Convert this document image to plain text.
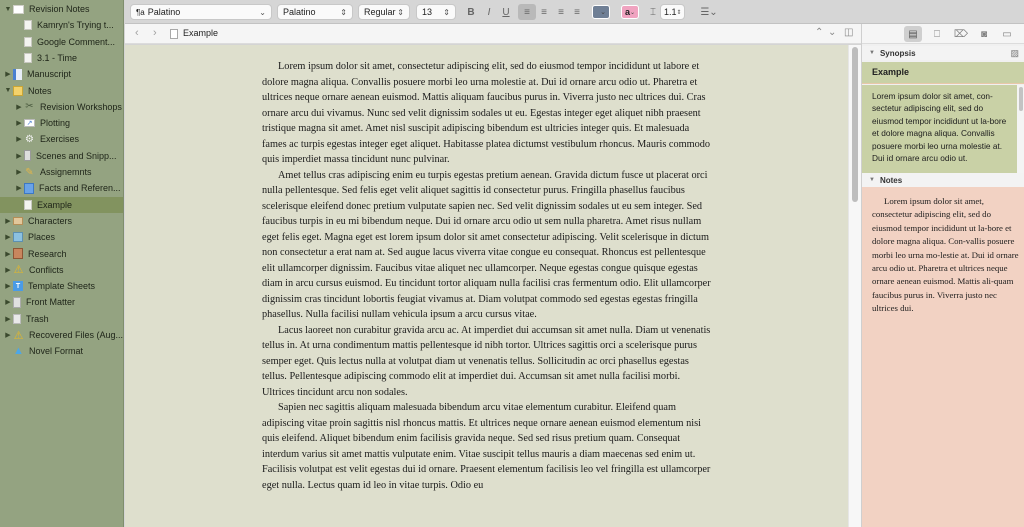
▼ Revision Notes
Kamryn's Trying t...
Google Comment...
3.1 - Time
▶ Manuscript
▼ Notes
▶ ✂ Revision Workshops
▶ ↗ Plotting
▶ ⚙ Exercises
▶ Scenes and Snipp...
▶ ✎ Assignemnts
▶ Facts and Referen...
Example
▶ Characters
▶ Places
▶ Research
▶ ⚠ Conflicts
▶ T Template Sheets
▶ Front Matter
▶ Trash
▶ ⚠ Recovered Files (Aug...
▲ Novel Format
¶a Palatino	⌄ Palatino	⇕ Regular ⇕ 13 ⇕	B	I	U	≡	≡	≡	≡	⌄ a ⌄	⌶ 1.1 ⇕	☰⌄
‹ ›	Example	⌃ ⌄ ◫

Lorem ipsum dolor sit amet, consectetur adipiscing elit, sed do eiusmod tempor incididunt ut labore et dolore magna aliqua. Convallis posuere morbi leo urna molestie at. Dui id ornare arcu odio ut. Pharetra et ultrices neque ornare aenean euismod. Mattis aliquam faucibus purus in. Viverra justo nec ultrices dui. Cras ornare arcu dui vivamus. Nunc sed velit dignissim sodales ut eu. Egestas integer eget aliquet nibh praesent tristique magna sit amet. Amet nisl suscipit adipiscing bibendum est ultricies integer quis. Et malesuada fames ac turpis egestas integer eget aliquet. Habitasse platea dictumst vestibulum rhoncus. Mauris commodo quis imperdiet massa tincidunt nunc pulvinar.

Amet tellus cras adipiscing enim eu turpis egestas pretium aenean. Gravida dictum fusce ut placerat orci nulla pellentesque. Sed felis eget velit aliquet sagittis id consectetur purus. Fringilla phasellus faucibus scelerisque eleifend donec pretium vulputate sapien nec. Sed velit dignissim sodales ut eu sem integer. Sed faucibus turpis in eu mi bibendum neque. Dui id ornare arcu odio ut sem nulla pharetra. Amet risus nullam eget felis eget. Magna eget est lorem ipsum dolor sit amet consectetur adipiscing. Velit scelerisque in dictum non consectetur a erat nam at. Sed augue lacus viverra vitae congue eu consequat. Rhoncus est pellentesque elit ullamcorper dignissim. Faucibus vitae aliquet nec ullamcorper. Neque egestas congue quisque egestas diam in arcu cursus euismod. Eu tincidunt tortor aliquam nulla facilisi cras fermentum odio. Elit ullamcorper dignissim cras tincidunt lobortis feugiat vivamus at. Diam volutpat commodo sed egestas egestas fringilla phasellus. Nulla facilisi nullam vehicula ipsum a arcu cursus vitae.

Lacus laoreet non curabitur gravida arcu ac. At imperdiet dui accumsan sit amet nulla. Diam ut venenatis tellus in. At urna condimentum mattis pellentesque id nibh tortor. Ultrices sagittis orci a scelerisque purus semper eget. Quis lectus nulla at volutpat diam ut venenatis tellus. Sollicitudin ac orci phasellus egestas tellus. Pellentesque adipiscing commodo elit at imperdiet dui. Accumsan sit amet nulla facilisi morbi. Ultrices tincidunt arcu non sodales.

Sapien nec sagittis aliquam malesuada bibendum arcu vitae elementum curabitur. Eleifend quam adipiscing vitae proin sagittis nisl rhoncus mattis. Et ultrices neque ornare aenean euismod elementum nisi quis eleifend. Aliquet bibendum enim facilisis gravida neque. Sed sed risus pretium quam. Consequat interdum varius sit amet mattis vulputate enim. Vitae suscipit tellus mauris a diam maecenas sed enim ut. Facilisis volutpat est velit egestas dui id ornare. Praesent elementum facilisis leo vel fringilla est ullamcorper eget nulla. Lectus quam id leo in vitae turpis. Odio eu

▤	⎕	⌦	◙	▭
▼ Synopsis	▨
Example
Lorem ipsum dolor sit amet, con-sectetur adipiscing elit, sed do eiusmod tempor incididunt ut la-bore et dolore magna aliqua. Convallis posuere morbi leo urna molestie at. Dui id ornare arcu odio ut.
▼ Notes

Lorem ipsum dolor sit amet, consectetur adipiscing elit, sed do eiusmod tempor incididunt ut la-bore et dolore magna aliqua. Con-vallis posuere morbi leo urna mo-lestie at. Dui id ornare arcu odio ut. Pharetra et ultrices neque ornare aenean euismod. Mattis ali-quam faucibus purus in. Viverra justo nec ultrices dui.
